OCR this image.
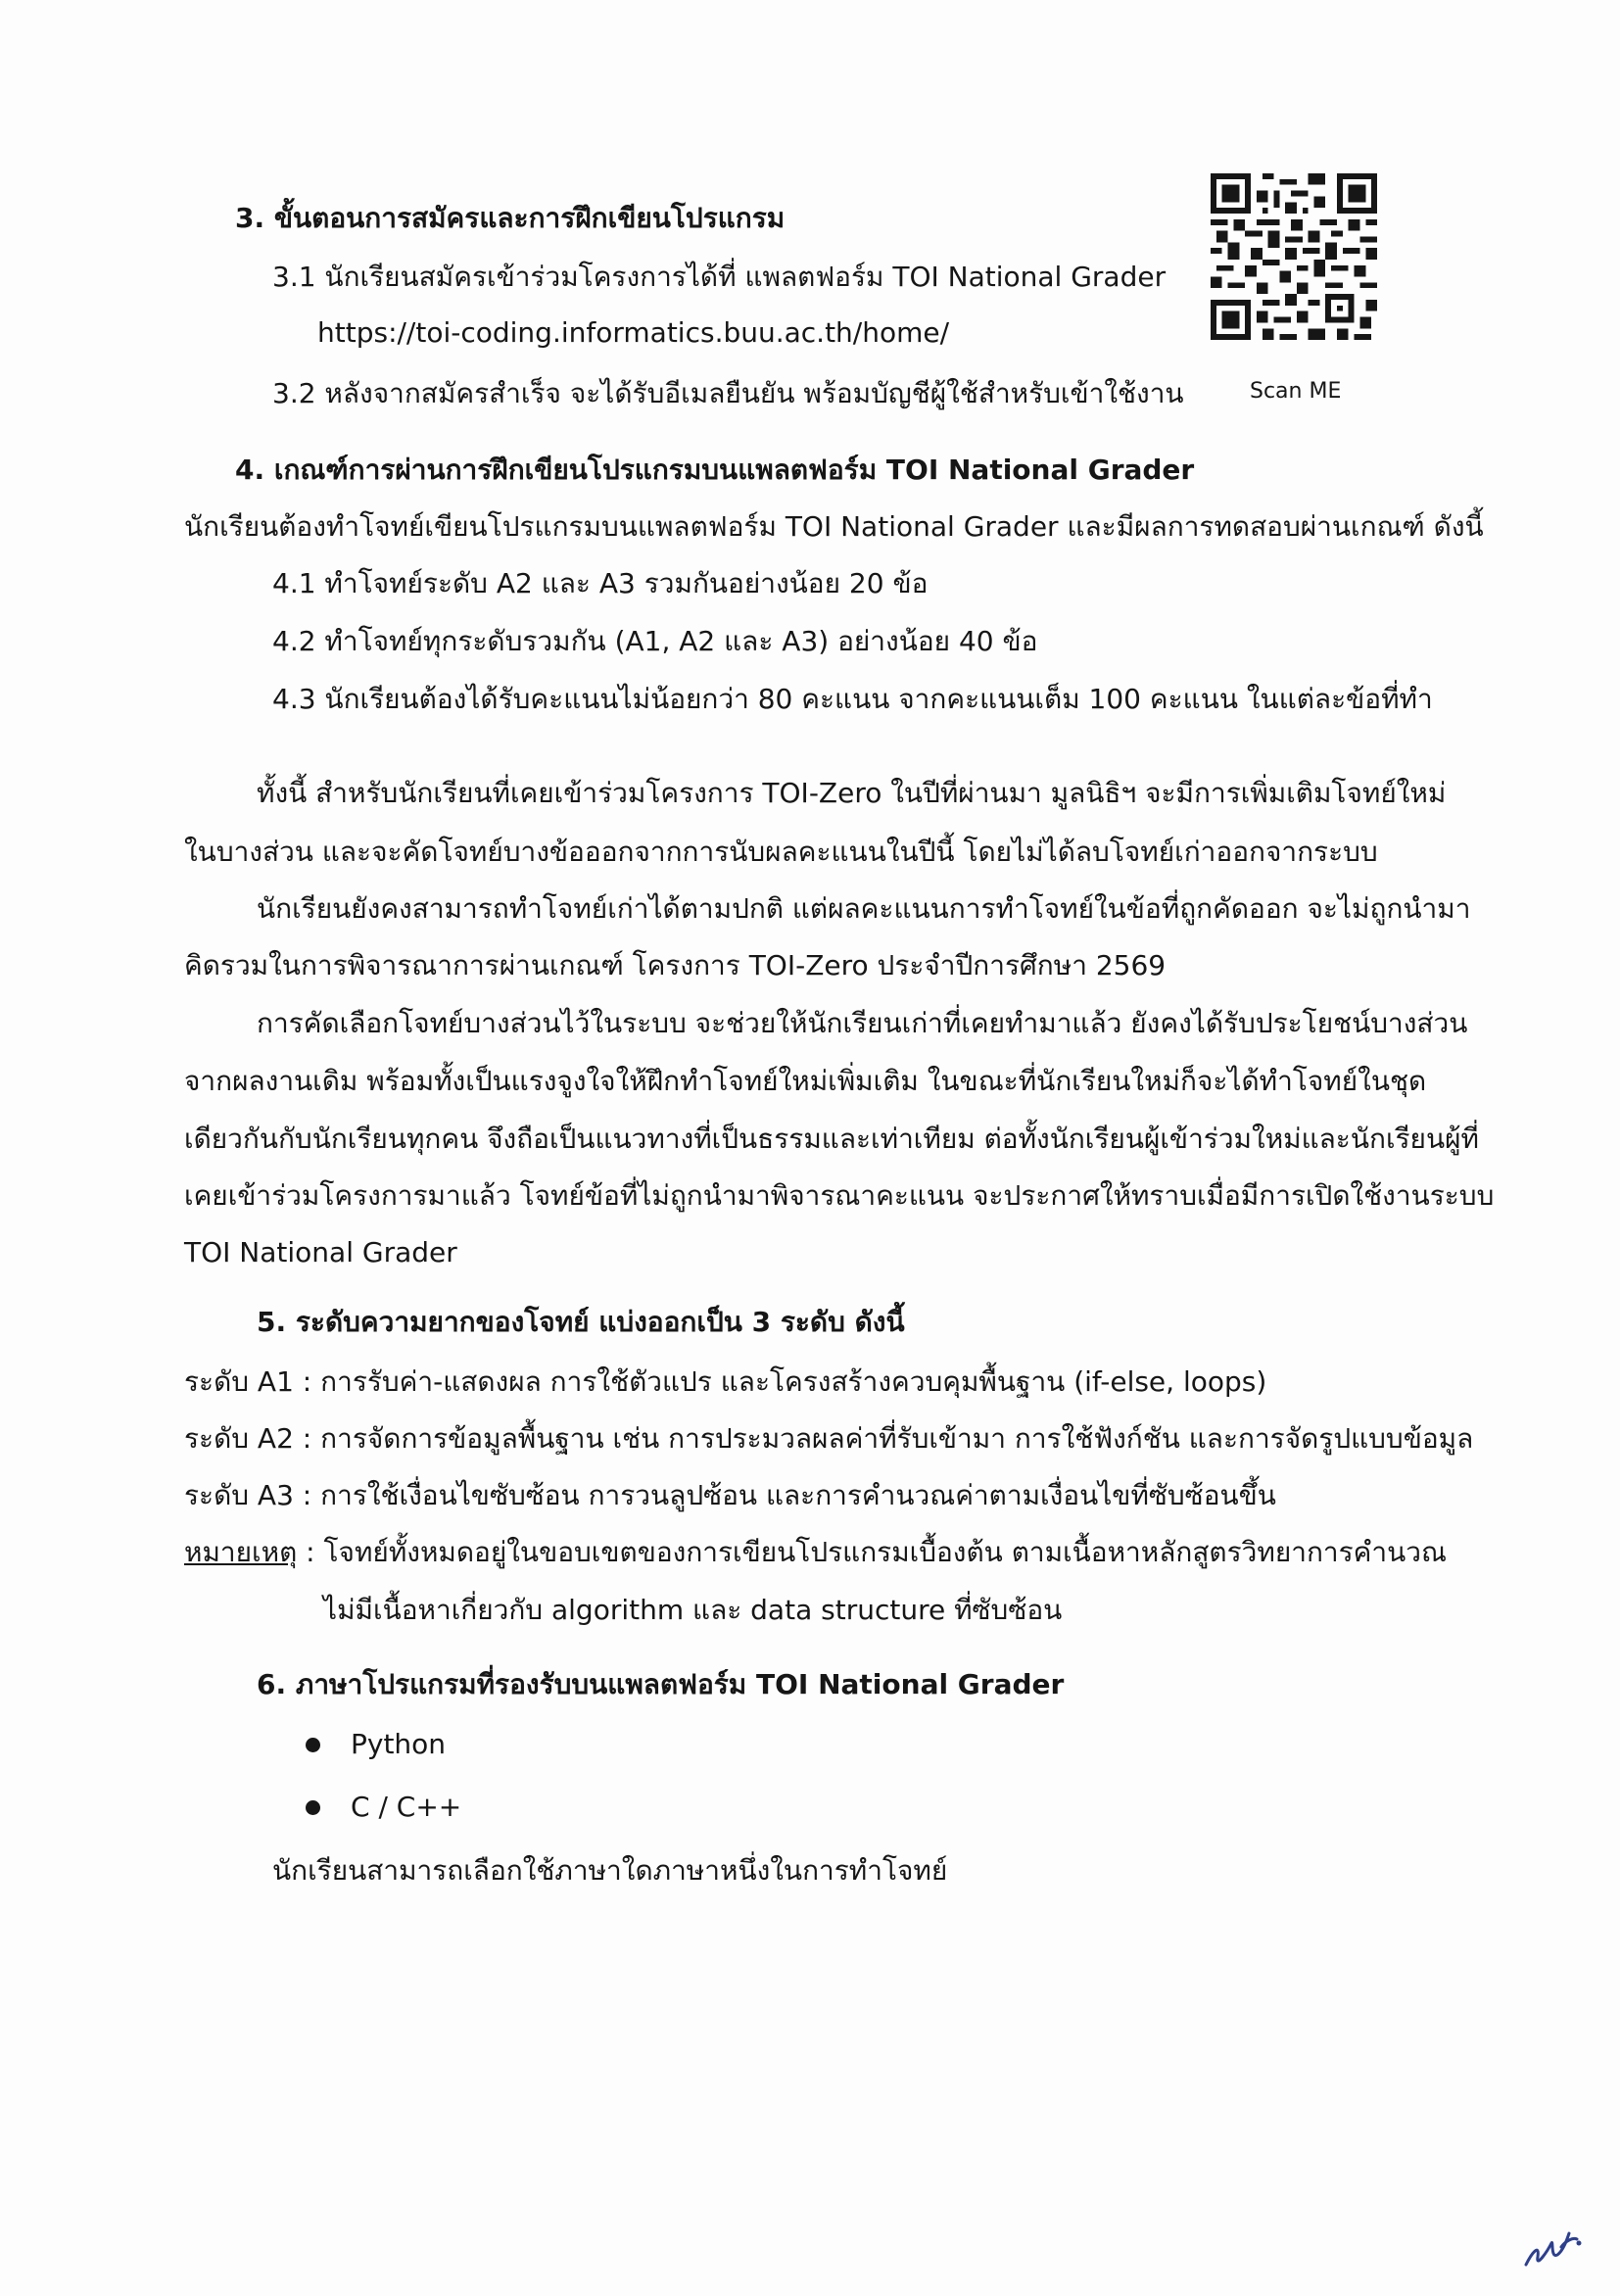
3. ขั้นตอนการสมัครและการฝึกเขียนโปรแกรม
3.1 นักเรียนสมัครเข้าร่วมโครงการได้ที่ แพลตฟอร์ม TOI National Grader
https://toi-coding.informatics.buu.ac.th/home/
3.2 หลังจากสมัครสำเร็จ จะได้รับอีเมลยืนยัน พร้อมบัญชีผู้ใช้สำหรับเข้าใช้งาน	Scan ME
4. เกณฑ์การผ่านการฝึกเขียนโปรแกรมบนแพลตฟอร์ม TOI National Grader
นักเรียนต้องทำโจทย์เขียนโปรแกรมบนแพลตฟอร์ม TOI National Grader และมีผลการทดสอบผ่านเกณฑ์ ดังนี้
4.1 ทำโจทย์ระดับ A2 และ A3 รวมกันอย่างน้อย 20 ข้อ
4.2 ทำโจทย์ทุกระดับรวมกัน (A1, A2 และ A3) อย่างน้อย 40 ข้อ
4.3 นักเรียนต้องได้รับคะแนนไม่น้อยกว่า 80 คะแนน จากคะแนนเต็ม 100 คะแนน ในแต่ละข้อที่ทำ
ทั้งนี้ สำหรับนักเรียนที่เคยเข้าร่วมโครงการ TOI-Zero ในปีที่ผ่านมา มูลนิธิฯ จะมีการเพิ่มเติมโจทย์ใหม่
ในบางส่วน และจะคัดโจทย์บางข้อออกจากการนับผลคะแนนในปีนี้ โดยไม่ได้ลบโจทย์เก่าออกจากระบบ
นักเรียนยังคงสามารถทำโจทย์เก่าได้ตามปกติ แต่ผลคะแนนการทำโจทย์ในข้อที่ถูกคัดออก จะไม่ถูกนำมา
คิดรวมในการพิจารณาการผ่านเกณฑ์ โครงการ TOI-Zero ประจำปีการศึกษา 2569
การคัดเลือกโจทย์บางส่วนไว้ในระบบ จะช่วยให้นักเรียนเก่าที่เคยทำมาแล้ว ยังคงได้รับประโยชน์บางส่วน
จากผลงานเดิม พร้อมทั้งเป็นแรงจูงใจให้ฝึกทำโจทย์ใหม่เพิ่มเติม ในขณะที่นักเรียนใหม่ก็จะได้ทำโจทย์ในชุด
เดียวกันกับนักเรียนทุกคน จึงถือเป็นแนวทางที่เป็นธรรมและเท่าเทียม ต่อทั้งนักเรียนผู้เข้าร่วมใหม่และนักเรียนผู้ที่
เคยเข้าร่วมโครงการมาแล้ว โจทย์ข้อที่ไม่ถูกนำมาพิจารณาคะแนน จะประกาศให้ทราบเมื่อมีการเปิดใช้งานระบบ
TOI National Grader
5. ระดับความยากของโจทย์ แบ่งออกเป็น 3 ระดับ ดังนี้
ระดับ A1 : การรับค่า-แสดงผล การใช้ตัวแปร และโครงสร้างควบคุมพื้นฐาน (if-else, loops)
ระดับ A2 : การจัดการข้อมูลพื้นฐาน เช่น การประมวลผลค่าที่รับเข้ามา การใช้ฟังก์ชัน และการจัดรูปแบบข้อมูล
ระดับ A3 : การใช้เงื่อนไขซับซ้อน การวนลูปซ้อน และการคำนวณค่าตามเงื่อนไขที่ซับซ้อนขึ้น
หมายเหตุ : โจทย์ทั้งหมดอยู่ในขอบเขตของการเขียนโปรแกรมเบื้องต้น ตามเนื้อหาหลักสูตรวิทยาการคำนวณ
ไม่มีเนื้อหาเกี่ยวกับ algorithm และ data structure ที่ซับซ้อน
6. ภาษาโปรแกรมที่รองรับบนแพลตฟอร์ม TOI National Grader
Python
C / C++
นักเรียนสามารถเลือกใช้ภาษาใดภาษาหนึ่งในการทำโจทย์
